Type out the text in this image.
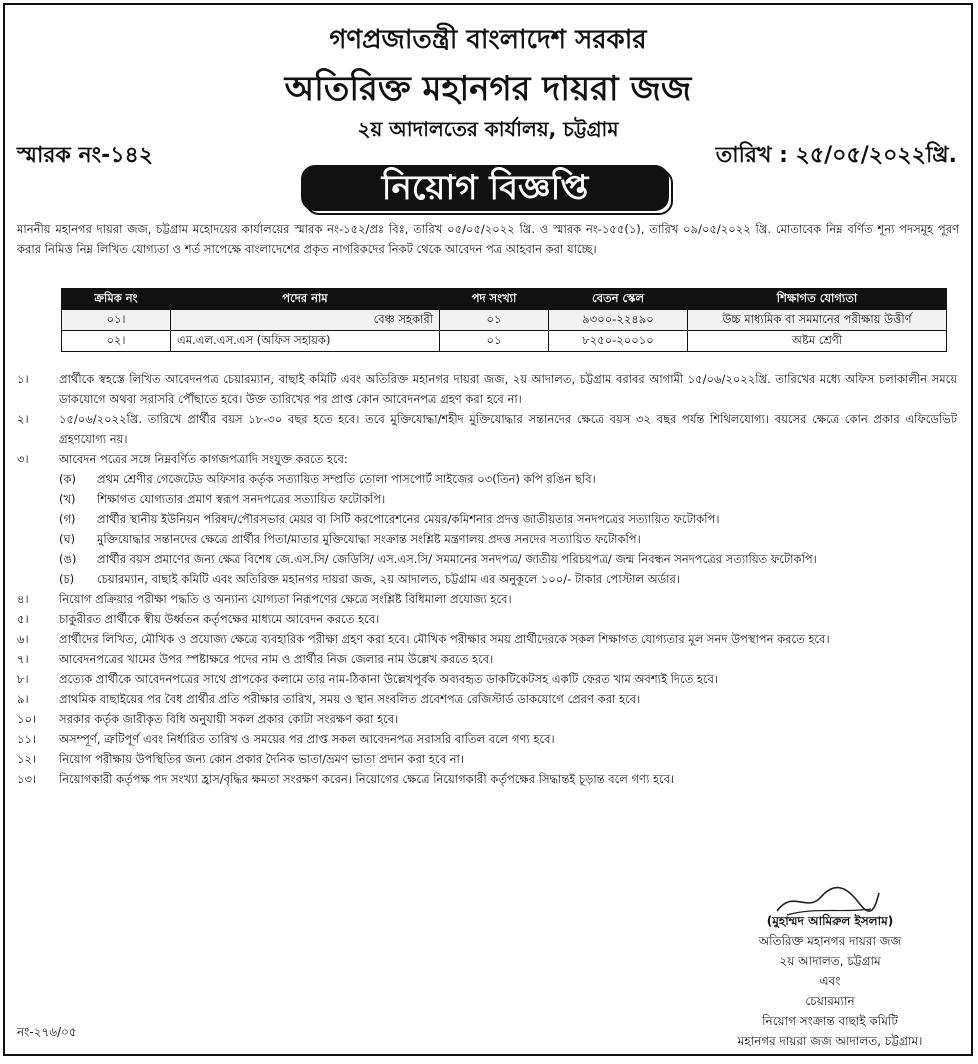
গণপ্রজাতন্ত্রী বাংলাদেশ সরকার
অতিরিক্ত মহানগর দায়রা জজ
২য় আদালতের কার্যালয়, চট্টগ্রাম
স্মারক নং-১৪২	তারিখ : ২৫/০৫/২০২২খ্রি.
নিয়োগ বিজ্ঞপ্তি
মাননীয় মহানগর দায়রা জজ, চট্টগ্রাম মহোদয়ের কার্যালয়ের স্মারক নং-১৫২/প্রঃ বিঃ, তারিখ ০৫/০৫/২০২২ খ্রি. ও স্মারক নং-১৫৫(১), তারিখ ০৯/০৫/২০২২ খ্রি. মোতাবেক নিম্ন বর্ণিত শূন্য পদসমূহ পূরণ করার নিমিত্ত নিম্ন লিখিত যোগ্যতা ও শর্ত সাপেক্ষে বাংলাদেশের প্রকৃত নাগরিকদের নিকট থেকে আবেদন পত্র আহবান করা যাচ্ছে।
ক্রমিক নং	পদের নাম	পদ সংখ্যা	বেতন স্কেল	শিক্ষাগত যোগ্যতা
০১।	বেঞ্চ সহকারী	০১	৯৩০০-২২৪৯০	উচ্চ মাধ্যমিক বা সমমানের পরীক্ষায় উত্তীর্ণ
০২।	এম.এল.এস.এস (অফিস সহায়ক)	০১	৮২৫০-২০০১০	অষ্টম শ্রেণী
১।	প্রার্থীকে স্বহস্তে লিখিত আবেদনপত্র চেয়ারম্যান, বাছাই কমিটি এবং অতিরিক্ত মহানগর দায়রা জজ, ২য় আদালত, চট্টগ্রাম বরাবর আগামী ১৫/০৬/২০২২খ্রি. তারিখের মধ্যে অফিস চলাকালীন সময়ে ডাকযোগে অথবা সরাসরি পৌঁছাতে হবে। উক্ত তারিখের পর প্রাপ্ত কোন আবেদনপত্র গ্রহণ করা হবে না।
২।	১৫/০৬/২০২২খ্রি. তারিখে প্রার্থীর বয়স ১৮-৩০ বছর হতে হবে। তবে মুক্তিযোদ্ধা/শহীদ মুক্তিযোদ্ধার সন্তানদের ক্ষেত্রে বয়স ৩২ বছর পর্যন্ত শিথিলযোগ্য। বয়সের ক্ষেত্রে কোন প্রকার এফিডেভিট গ্রহণযোগ্য নয়।
৩।	আবেদন পত্রের সঙ্গে নিম্নবর্ণিত কাগজপত্রাদি সংযুক্ত করতে হবে:
(ক)	প্রথম শ্রেণীর গেজেটেড অফিসার কর্তৃক সত্যায়িত সম্প্রতি তোলা পাসপোর্ট সাইজের ০৩(তিন) কপি রঙিন ছবি।
(খ)	শিক্ষাগত যোগ্যতার প্রমাণ স্বরূপ সনদপত্রের সত্যায়িত ফটোকপি।
(গ)	প্রার্থীর স্থানীয় ইউনিয়ন পরিষদ/পৌরসভার মেয়র বা সিটি করপোরেশনের মেয়র/কমিশনার প্রদত্ত জাতীয়তার সনদপত্রের সত্যায়িত ফটোকপি।
(ঘ)	মুক্তিযোদ্ধার সন্তানদের ক্ষেত্রে প্রার্থীর পিতা/মাতার মুক্তিযোদ্ধা সংক্রান্ত সংশ্লিষ্ট মন্ত্রণালয় প্রদত্ত সনদের সত্যায়িত ফটোকপি।
(ঙ)	প্রার্থীর বয়স প্রমাণের জন্য ক্ষেত্র বিশেষ জে.এস.সি/ জেডিসি/ এস.এস.সি/ সমমানের সনদপত্র/ জাতীয় পরিচয়পত্র/ জন্ম নিবন্ধন সনদপত্রের সত্যায়িত ফটোকপি।
(চ)	চেয়ারম্যান, বাছাই কমিটি এবং অতিরিক্ত মহানগর দায়রা জজ, ২য় আদালত, চট্টগ্রাম এর অনুকূলে ১০০/- টাকার পোস্টাল অর্ডার।
৪।	নিয়োগ প্রক্রিয়ার পরীক্ষা পদ্ধতি ও অন্যান্য যোগ্যতা নিরূপণের ক্ষেত্রে সংশ্লিষ্ট বিধিমালা প্রযোজ্য হবে।
৫।	চাকুরীরত প্রার্থীকে স্বীয় উর্ধ্বতন কর্তৃপক্ষের মাধ্যমে আবেদন করতে হবে।
৬।	প্রার্থীদের লিখিত, মৌখিক ও প্রযোজ্য ক্ষেত্রে ব্যবহারিক পরীক্ষা গ্রহণ করা হবে। মৌখিক পরীক্ষার সময় প্রার্থীদেরকে সকল শিক্ষাগত যোগ্যতার মূল সনদ উপস্থাপন করতে হবে।
৭।	আবেদনপত্রের খামের উপর স্পষ্টাক্ষরে পদের নাম ও প্রার্থীর নিজ জেলার নাম উল্লেখ করতে হবে।
৮।	প্রত্যেক প্রার্থীকে আবেদনপত্রের সাথে প্রাপকের কলামে তার নাম-ঠিকানা উল্লেখপূর্বক অব্যবহৃত ডাকটিকেটসহ একটি ফেরত খাম অবশ্যই দিতে হবে।
৯।	প্রাথমিক বাছাইয়ের পর বৈধ প্রার্থীর প্রতি পরীক্ষার তারিখ, সময় ও স্থান সংবলিত প্রবেশপত্র রেজিস্টার্ড ডাকযোগে প্রেরণ করা হবে।
১০।	সরকার কর্তৃক জারীকৃত বিধি অনুযায়ী সকল প্রকার কোটা সংরক্ষণ করা হবে।
১১।	অসম্পূর্ণ, ত্রুটিপূর্ণ এবং নির্ধারিত তারিখ ও সময়ের পর প্রাপ্ত সকল আবেদনপত্র সরাসরি বাতিল বলে গণ্য হবে।
১২।	নিয়োগ পরীক্ষায় উপস্থিতির জন্য কোন প্রকার দৈনিক ভাতা/ভ্রমণ ভাতা প্রদান করা হবে না।
১৩।	নিয়োগকারী কর্তৃপক্ষ পদ সংখ্যা হ্রাস/বৃদ্ধির ক্ষমতা সংরক্ষণ করেন। নিয়োগের ক্ষেত্রে নিয়োগকারী কর্তৃপক্ষের সিদ্ধান্তই চূড়ান্ত বলে গণ্য হবে।
(মুহাম্মদ আমিরুল ইসলাম)
অতিরিক্ত মহানগর দায়রা জজ
২য় আদালত, চট্টগ্রাম
এবং
চেয়ারম্যান
নিয়োগ সংক্রান্ত বাছাই কমিটি
মহানগর দায়রা জজ আদালত, চট্টগ্রাম।
নং-২৭৬/০৫
